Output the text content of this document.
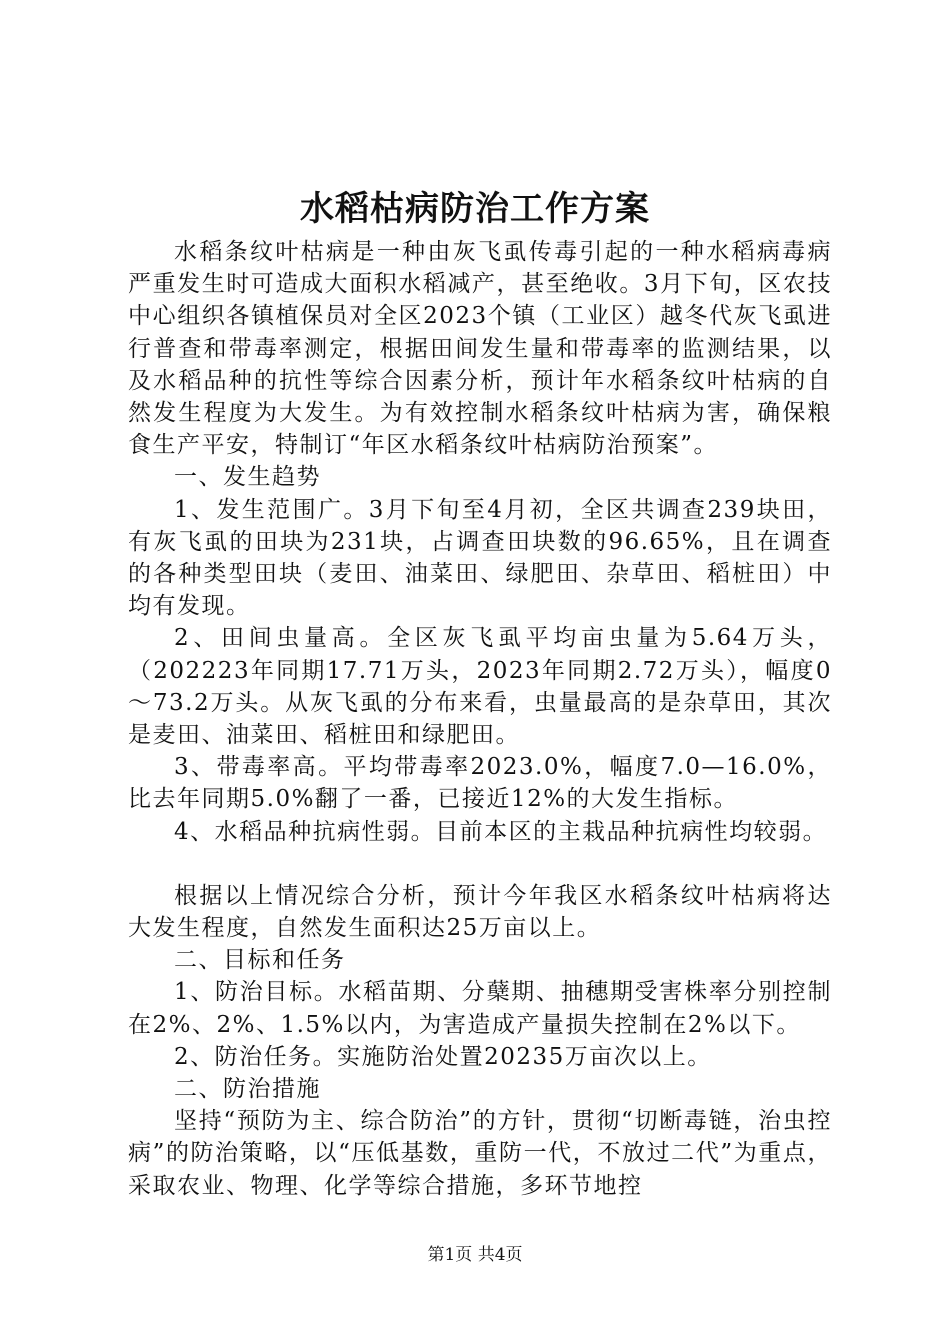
水稻枯病防治工作方案

水稻条纹叶枯病是一种由灰飞虱传毒引起的一种水稻病毒病严重发生时可造成大面积水稻减产，甚至绝收。3月下旬，区农技中心组织各镇植保员对全区2023个镇（工业区）越冬代灰飞虱进行普查和带毒率测定，根据田间发生量和带毒率的监测结果，以及水稻品种的抗性等综合因素分析，预计年水稻条纹叶枯病的自然发生程度为大发生。为有效控制水稻条纹叶枯病为害，确保粮食生产平安，特制订“年区水稻条纹叶枯病防治预案”。

一、发生趋势

1、发生范围广。3月下旬至4月初，全区共调查239块田，有灰飞虱的田块为231块，占调查田块数的96.65%，且在调查的各种类型田块（麦田、油菜田、绿肥田、杂草田、稻桩田）中均有发现。

2、田间虫量高。全区灰飞虱平均亩虫量为5.64万头，（202223年同期17.71万头，2023年同期2.72万头），幅度0～73.2万头。从灰飞虱的分布来看，虫量最高的是杂草田，其次是麦田、油菜田、稻桩田和绿肥田。

3、带毒率高。平均带毒率2023.0%，幅度7.0—16.0%，比去年同期5.0%翻了一番，已接近12%的大发生指标。

4、水稻品种抗病性弱。目前本区的主栽品种抗病性均较弱。

根据以上情况综合分析，预计今年我区水稻条纹叶枯病将达大发生程度，自然发生面积达25万亩以上。

二、目标和任务

1、防治目标。水稻苗期、分蘖期、抽穗期受害株率分别控制在2%、2%、1.5%以内，为害造成产量损失控制在2%以下。

2、防治任务。实施防治处置20235万亩次以上。

二、防治措施

坚持“预防为主、综合防治”的方针，贯彻“切断毒链，治虫控病”的防治策略，以“压低基数，重防一代，不放过二代”为重点，采取农业、物理、化学等综合措施，多环节地控

第1页 共4页
